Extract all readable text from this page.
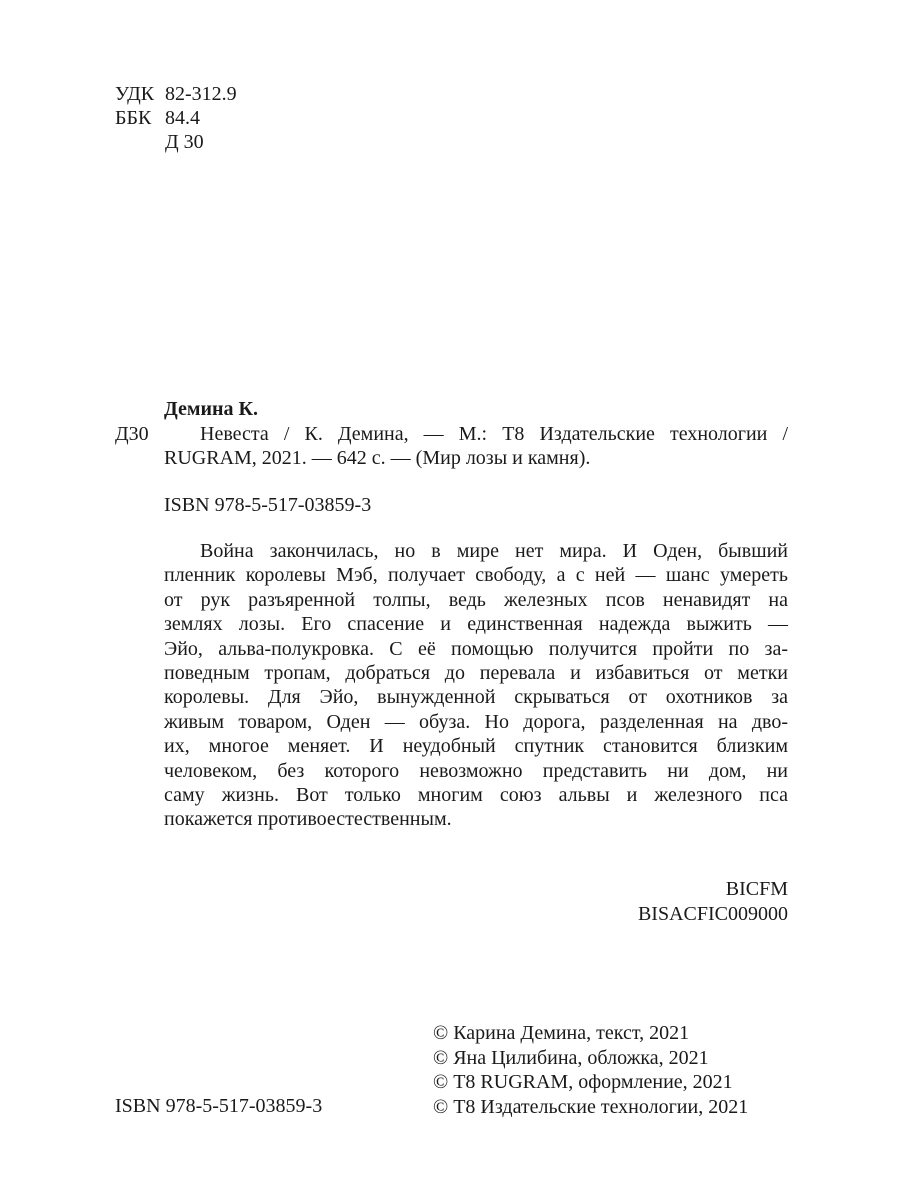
УДК 82-312.9
ББК 84.4
Д 30

Демина К.

Д30	Невеста / К. Демина, — М.: Т8 Издательские технологии /
RUGRAM, 2021. — 642 с. — (Мир лозы и камня).

ISBN 978-5-517-03859-3

Война закончилась, но в мире нет мира. И Оден, бывший
пленник королевы Мэб, получает свободу, а с ней — шанс умереть
от рук разъяренной толпы, ведь железных псов ненавидят на
землях лозы. Его спасение и единственная надежда выжить —
Эйо, альва-полукровка. С её помощью получится пройти по за-
поведным тропам, добраться до перевала и избавиться от метки
королевы. Для Эйо, вынужденной скрываться от охотников за
живым товаром, Оден — обуза. Но дорога, разделенная на дво-
их, многое меняет. И неудобный спутник становится близким
человеком, без которого невозможно представить ни дом, ни
саму жизнь. Вот только многим союз альвы и железного пса
покажется противоестественным.
BICFM
BISACFIC009000
© Карина Демина, текст, 2021
© Яна Цилибина, обложка, 2021
© Т8 RUGRAM, оформление, 2021
© Т8 Издательские технологии, 2021

ISBN 978-5-517-03859-3
